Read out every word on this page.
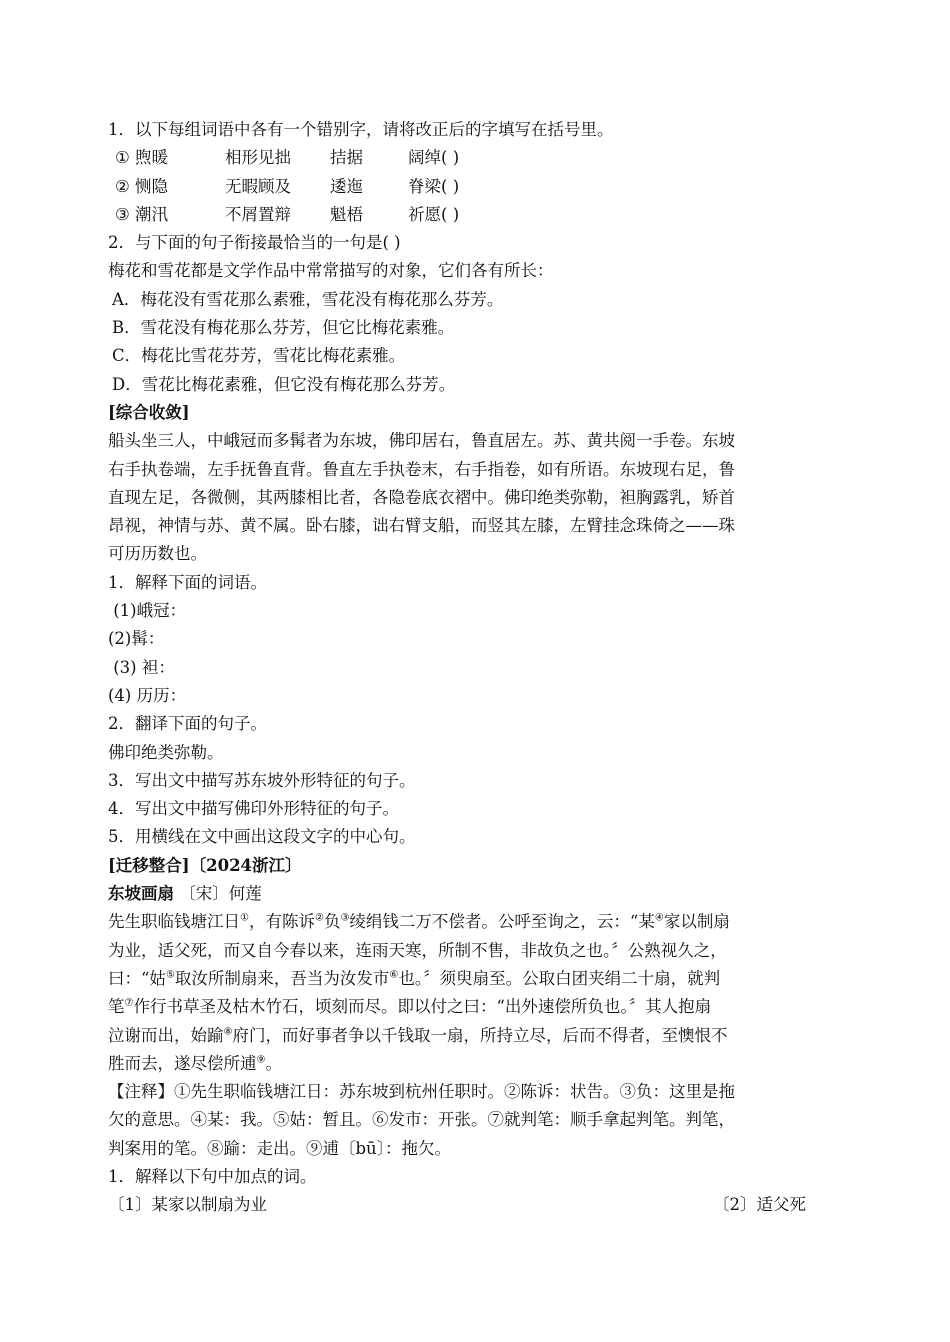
1．以下每组词语中各有一个错别字，请将改正后的字填写在括号里。
① 煦暖	相形见拙 拮据	阔绰( )
② 恻隐	无暇顾及 逶迤	脊梁( )
③ 潮汛	不屑置辩 魁梧	祈愿( )
2．与下面的句子衔接最恰当的一句是( )
梅花和雪花都是文学作品中常常描写的对象，它们各有所长：
A．梅花没有雪花那么素雅，雪花没有梅花那么芬芳。
B．雪花没有梅花那么芬芳，但它比梅花素雅。
C．梅花比雪花芬芳，雪花比梅花素雅。
D．雪花比梅花素雅，但它没有梅花那么芬芳。
[综合收敛]
船头坐三人，中峨冠而多髯者为东坡，佛印居右，鲁直居左。苏、黄共阅一手卷。东坡
右手执卷端，左手抚鲁直背。鲁直左手执卷末，右手指卷，如有所语。东坡现右足，鲁
直现左足，各微侧，其两膝相比者，各隐卷底衣褶中。佛印绝类弥勒，袒胸露乳，矫首
昂视，神情与苏、黄不属。卧右膝，诎右臂支船，而竖其左膝，左臂挂念珠倚之——珠
可历历数也。
1．解释下面的词语。
(1)峨冠：
(2)髯：
(3) 袒：
(4) 历历：
2．翻译下面的句子。
佛印绝类弥勒。
3．写出文中描写苏东坡外形特征的句子。
4．写出文中描写佛印外形特征的句子。
5．用横线在文中画出这段文字的中心句。
[迁移整合]〔2024浙江〕
东坡画扇 〔宋〕何莲
先生职临钱塘江日①，有陈诉②负③绫绢钱二万不偿者。公呼至询之，云：“某④家以制扇
为业，适父死，而又自今春以来，连雨天寒，所制不售，非故负之也。〞公熟视久之，
曰：“姑⑤取汝所制扇来，吾当为汝发市⑥也。〞须臾扇至。公取白团夹绢二十扇，就判
笔⑦作行书草圣及枯木竹石，顷刻而尽。即以付之曰：“出外速偿所负也。〞其人抱扇
泣谢而出，始踰⑧府门，而好事者争以千钱取一扇，所持立尽，后而不得者，至懊恨不
胜而去，遂尽偿所逋⑨。
【注释】①先生职临钱塘江日：苏东坡到杭州任职时。②陈诉：状告。③负：这里是拖
欠的意思。④某：我。⑤姑：暂且。⑥发市：开张。⑦就判笔：顺手拿起判笔。判笔，
判案用的笔。⑧踰：走出。⑨逋〔bū〕：拖欠。
1．解释以下句中加点的词。
〔1〕某家以制扇为业	〔2〕适父死
